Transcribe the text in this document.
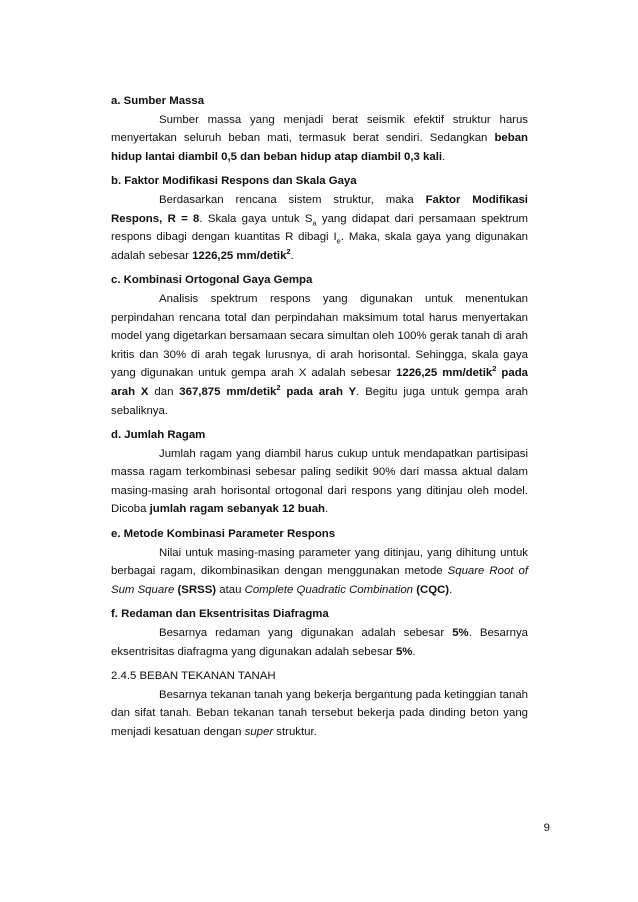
a. Sumber Massa

Sumber massa yang menjadi berat seismik efektif struktur harus menyertakan seluruh beban mati, termasuk berat sendiri. Sedangkan beban hidup lantai diambil 0,5 dan beban hidup atap diambil 0,3 kali.

b. Faktor Modifikasi Respons dan Skala Gaya

Berdasarkan rencana sistem struktur, maka Faktor Modifikasi Respons, R = 8. Skala gaya untuk $S_a$ yang didapat dari persamaan spektrum respons dibagi dengan kuantitas R dibagi $I_e$. Maka, skala gaya yang digunakan adalah sebesar 1226,25 mm/detik$^2$.

c. Kombinasi Ortogonal Gaya Gempa

Analisis spektrum respons yang digunakan untuk menentukan perpindahan rencana total dan perpindahan maksimum total harus menyertakan model yang digetarkan bersamaan secara simultan oleh 100% gerak tanah di arah kritis dan 30% di arah tegak lurusnya, di arah horisontal. Sehingga, skala gaya yang digunakan untuk gempa arah X adalah sebesar 1226,25 mm/detik$^2$ pada arah X dan 367,875 mm/detik$^2$ pada arah Y. Begitu juga untuk gempa arah sebaliknya.

d. Jumlah Ragam

Jumlah ragam yang diambil harus cukup untuk mendapatkan partisipasi massa ragam terkombinasi sebesar paling sedikit 90% dari massa aktual dalam masing-masing arah horisontal ortogonal dari respons yang ditinjau oleh model. Dicoba jumlah ragam sebanyak 12 buah.

e. Metode Kombinasi Parameter Respons

Nilai untuk masing-masing parameter yang ditinjau, yang dihitung untuk berbagai ragam, dikombinasikan dengan menggunakan metode Square Root of Sum Square (SRSS) atau Complete Quadratic Combination (CQC).

f. Redaman dan Eksentrisitas Diafragma

Besarnya redaman yang digunakan adalah sebesar 5%. Besarnya eksentrisitas diafragma yang digunakan adalah sebesar 5%.

2.4.5 BEBAN TEKANAN TANAH

Besarnya tekanan tanah yang bekerja bergantung pada ketinggian tanah dan sifat tanah. Beban tekanan tanah tersebut bekerja pada dinding beton yang menjadi kesatuan dengan super struktur.

9
